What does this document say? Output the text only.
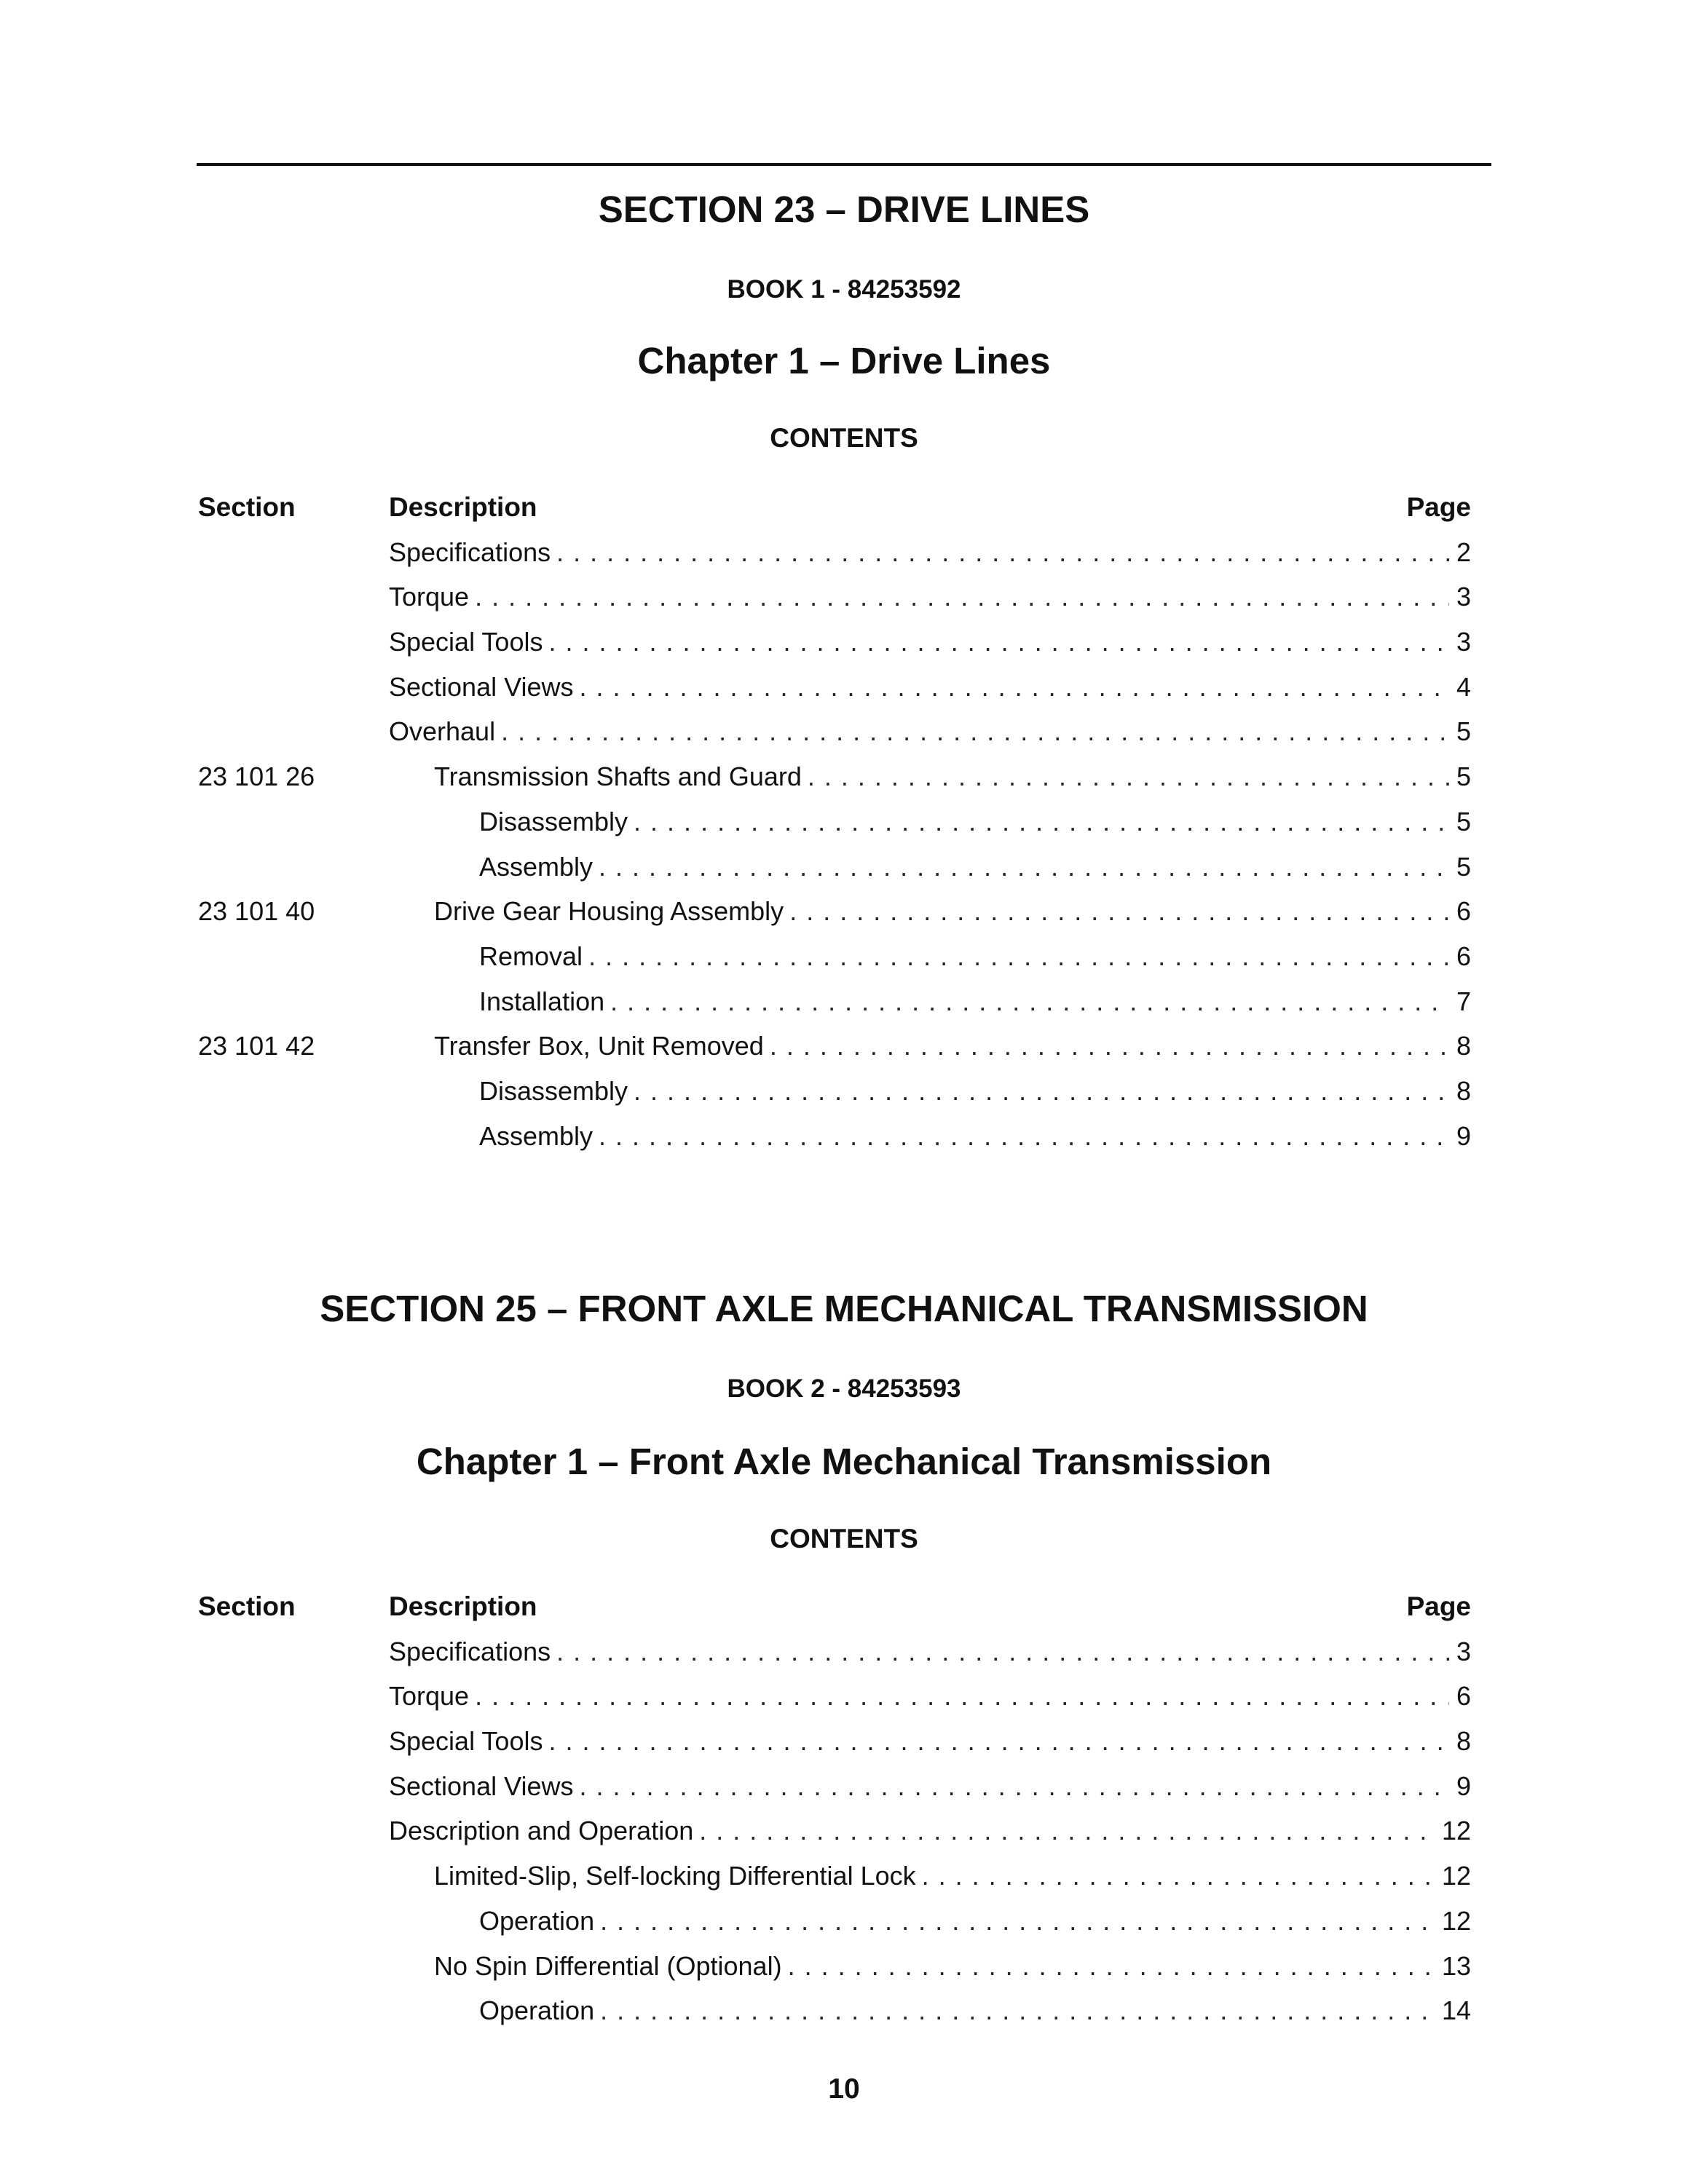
SECTION 23 – DRIVE LINES
BOOK 1 - 84253592
Chapter 1 – Drive Lines
CONTENTS
Section	Description	Page
Specifications . . .	2
Torque . . .	3
Special Tools . . .	3
Sectional Views . . .	4
Overhaul . . .	5
23 101 26	Transmission Shafts and Guard . . .	5
Disassembly . . .	5
Assembly . . .	5
23 101 40	Drive Gear Housing Assembly . . .	6
Removal . . .	6
Installation . . .	7
23 101 42	Transfer Box, Unit Removed . . .	8
Disassembly . . .	8
Assembly . . .	9
SECTION 25 – FRONT AXLE MECHANICAL TRANSMISSION
BOOK 2 - 84253593
Chapter 1 – Front Axle Mechanical Transmission
CONTENTS
Section	Description	Page
Specifications . . .	3
Torque . . .	6
Special Tools . . .	8
Sectional Views . . .	9
Description and Operation . . .	12
Limited-Slip, Self-locking Differential Lock . . .	12
Operation . . .	12
No Spin Differential (Optional) . . .	13
Operation . . .	14
10
